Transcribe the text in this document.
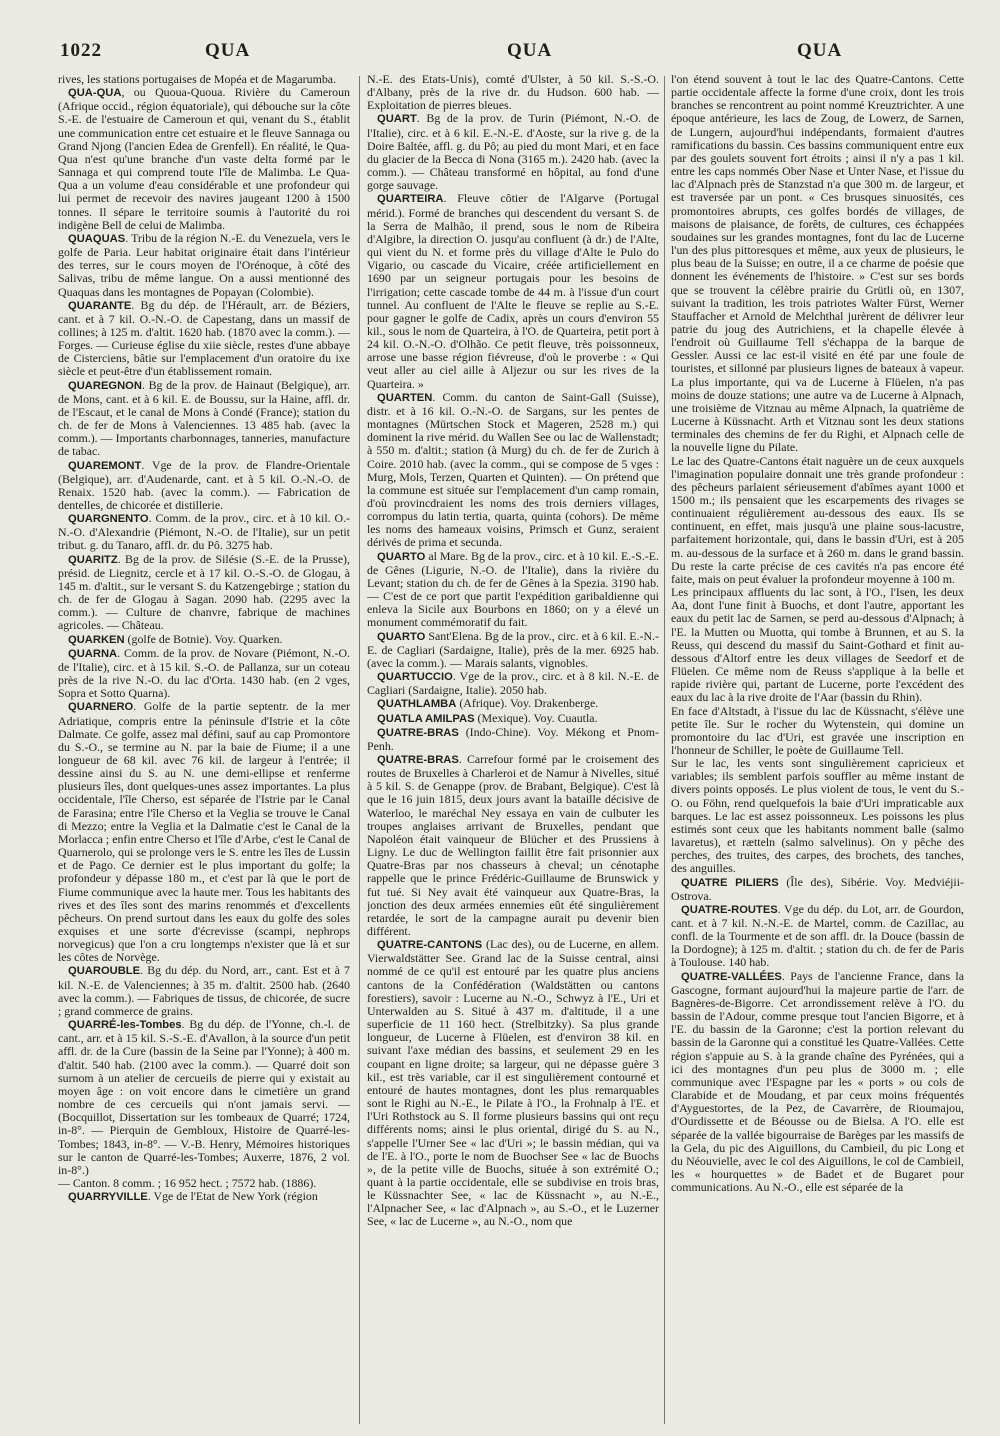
1022	QUA	QUA	QUA

rives, les stations portugaises de Mopéa et de Magarumba.

QUA-QUA, ou Quoua-Quoua. Rivière du Cameroun (Afrique occid., région équatoriale), qui débouche sur la côte S.-E. de l'estuaire de Cameroun et qui, venant du S., établit une communication entre cet estuaire et le fleuve Sannaga ou Grand Njong (l'ancien Edea de Grenfell). En réalité, le Qua-Qua n'est qu'une branche d'un vaste delta formé par le Sannaga et qui comprend toute l'île de Malimba. Le Qua-Qua a un volume d'eau considérable et une profondeur qui lui permet de recevoir des navires jaugeant 1200 à 1500 tonnes. Il sépare le territoire soumis à l'autorité du roi indigène Bell de celui de Malimba.

QUAQUAS. Tribu de la région N.-E. du Venezuela, vers le golfe de Paria. Leur habitat originaire était dans l'intérieur des terres, sur le cours moyen de l'Orénoque, à côté des Salivas, tribu de même langue. On a aussi mentionné des Quaquas dans les montagnes de Popayan (Colombie).

QUARANTE. Bg du dép. de l'Hérault, arr. de Béziers, cant. et à 7 kil. O.-N.-O. de Capestang, dans un massif de collines; à 125 m. d'altit. 1620 hab. (1870 avec la comm.). — Forges. — Curieuse église du xiie siècle, restes d'une abbaye de Cisterciens, bâtie sur l'emplacement d'un oratoire du ixe siècle et peut-être d'un établissement romain.

QUAREGNON. Bg de la prov. de Hainaut (Belgique), arr. de Mons, cant. et à 6 kil. E. de Boussu, sur la Haine, affl. dr. de l'Escaut, et le canal de Mons à Condé (France); station du ch. de fer de Mons à Valenciennes. 13 485 hab. (avec la comm.). — Importants charbonnages, tanneries, manufacture de tabac.

QUAREMONT. Vge de la prov. de Flandre-Orientale (Belgique), arr. d'Audenarde, cant. et à 5 kil. O.-N.-O. de Renaix. 1520 hab. (avec la comm.). — Fabrication de dentelles, de chicorée et distillerie.

QUARGNENTO. Comm. de la prov., circ. et à 10 kil. O.-N.-O. d'Alexandrie (Piémont, N.-O. de l'Italie), sur un petit tribut. g. du Tanaro, affl. dr. du Pô. 3275 hab.

QUARITZ. Bg de la prov. de Silésie (S.-E. de la Prusse), présid. de Liegnitz, cercle et à 17 kil. O.-S.-O. de Glogau, à 145 m. d'altit., sur le versant S. du Katzengebirge ; station du ch. de fer de Glogau à Sagan. 2090 hab. (2295 avec la comm.). — Culture de chanvre, fabrique de machines agricoles. — Château.

QUARKEN (golfe de Botnie). Voy. Quarken.

QUARNA. Comm. de la prov. de Novare (Piémont, N.-O. de l'Italie), circ. et à 15 kil. S.-O. de Pallanza, sur un coteau près de la rive N.-O. du lac d'Orta. 1430 hab. (en 2 vges, Sopra et Sotto Quarna).

QUARNERO. Golfe de la partie septentr. de la mer Adriatique, compris entre la péninsule d'Istrie et la côte Dalmate. Ce golfe, assez mal défini, sauf au cap Promontore du S.-O., se termine au N. par la baie de Fiume; il a une longueur de 68 kil. avec 76 kil. de largeur à l'entrée; il dessine ainsi du S. au N. une demi-ellipse et renferme plusieurs îles, dont quelques-unes assez importantes. La plus occidentale, l'île Cherso, est séparée de l'Istrie par le Canal de Farasina; entre l'île Cherso et la Veglia se trouve le Canal di Mezzo; entre la Veglia et la Dalmatie c'est le Canal de la Morlacca ; enfin entre Cherso et l'île d'Arbe, c'est le Canal de Quarnerolo, qui se prolonge vers le S. entre les îles de Lussin et de Pago. Ce dernier est le plus important du golfe; la profondeur y dépasse 180 m., et c'est par là que le port de Fiume communique avec la haute mer. Tous les habitants des rives et des îles sont des marins renommés et d'excellents pêcheurs. On prend surtout dans les eaux du golfe des soles exquises et une sorte d'écrevisse (scampi, nephrops norvegicus) que l'on a cru longtemps n'exister que là et sur les côtes de Norvège.

QUAROUBLE. Bg du dép. du Nord, arr., cant. Est et à 7 kil. N.-E. de Valenciennes; à 35 m. d'altit. 2500 hab. (2640 avec la comm.). — Fabriques de tissus, de chicorée, de sucre ; grand commerce de grains.

QUARRÉ-les-Tombes. Bg du dép. de l'Yonne, ch.-l. de cant., arr. et à 15 kil. S.-S.-E. d'Avallon, à la source d'un petit affl. dr. de la Cure (bassin de la Seine par l'Yonne); à 400 m. d'altit. 540 hab. (2100 avec la comm.). — Quarré doit son surnom à un atelier de cercueils de pierre qui y existait au moyen âge : on voit encore dans le cimetière un grand nombre de ces cercueils qui n'ont jamais servi. — (Bocquillot, Dissertation sur les tombeaux de Quarré; 1724, in-8°. — Pierquin de Gembloux, Histoire de Quarré-les-Tombes; 1843, in-8°. — V.-B. Henry, Mémoires historiques sur le canton de Quarré-les-Tombes; Auxerre, 1876, 2 vol. in-8°.)

— Canton. 8 comm. ; 16 952 hect. ; 7572 hab. (1886).

QUARRYVILLE. Vge de l'Etat de New York (région

N.-E. des Etats-Unis), comté d'Ulster, à 50 kil. S.-S.-O. d'Albany, près de la rive dr. du Hudson. 600 hab. — Exploitation de pierres bleues.

QUART. Bg de la prov. de Turin (Piémont, N.-O. de l'Italie), circ. et à 6 kil. E.-N.-E. d'Aoste, sur la rive g. de la Doire Baltée, affl. g. du Pô; au pied du mont Mari, et en face du glacier de la Becca di Nona (3165 m.). 2420 hab. (avec la comm.). — Château transformé en hôpital, au fond d'une gorge sauvage.

QUARTEIRA. Fleuve côtier de l'Algarve (Portugal mérid.). Formé de branches qui descendent du versant S. de la Serra de Malhão, il prend, sous le nom de Ribeira d'Algibre, la direction O. jusqu'au confluent (à dr.) de l'Alte, qui vient du N. et forme près du village d'Alte le Pulo do Vigario, ou cascade du Vicaire, créée artificiellement en 1690 par un seigneur portugais pour les besoins de l'irrigation; cette cascade tombe de 44 m. à l'issue d'un court tunnel. Au confluent de l'Alte le fleuve se replie au S.-E. pour gagner le golfe de Cadix, après un cours d'environ 55 kil., sous le nom de Quarteira, à l'O. de Quarteira, petit port à 24 kil. O.-N.-O. d'Olhão. Ce petit fleuve, très poissonneux, arrose une basse région fiévreuse, d'où le proverbe : « Qui veut aller au ciel aille à Aljezur ou sur les rives de la Quarteira. »

QUARTEN. Comm. du canton de Saint-Gall (Suisse), distr. et à 16 kil. O.-N.-O. de Sargans, sur les pentes de montagnes (Mürtschen Stock et Mageren, 2528 m.) qui dominent la rive mérid. du Wallen See ou lac de Wallenstadt; à 550 m. d'altit.; station (à Murg) du ch. de fer de Zurich à Coire. 2010 hab. (avec la comm., qui se compose de 5 vges : Murg, Mols, Terzen, Quarten et Quinten). — On prétend que la commune est située sur l'emplacement d'un camp romain, d'où provincdraient les noms des trois derniers villages, corrompus du latin tertia, quarta, quinta (cohors). De même les noms des hameaux voisins, Primsch et Gunz, seraient dérivés de prima et secunda.

QUARTO al Mare. Bg de la prov., circ. et à 10 kil. E.-S.-E. de Gênes (Ligurie, N.-O. de l'Italie), dans la rivière du Levant; station du ch. de fer de Gênes à la Spezia. 3190 hab. — C'est de ce port que partit l'expédition garibaldienne qui enleva la Sicile aux Bourbons en 1860; on y a élevé un monument commémoratif du fait.

QUARTO Sant'Elena. Bg de la prov., circ. et à 6 kil. E.-N.-E. de Cagliari (Sardaigne, Italie), près de la mer. 6925 hab. (avec la comm.). — Marais salants, vignobles.

QUARTUCCIO. Vge de la prov., circ. et à 8 kil. N.-E. de Cagliari (Sardaigne, Italie). 2050 hab.

QUATHLAMBA (Afrique). Voy. Drakenberge.

QUATLA AMILPAS (Mexique). Voy. Cuautla.

QUATRE-BRAS (Indo-Chine). Voy. Mékong et Pnom-Penh.

QUATRE-BRAS. Carrefour formé par le croisement des routes de Bruxelles à Charleroi et de Namur à Nivelles, situé à 5 kil. S. de Genappe (prov. de Brabant, Belgique). C'est là que le 16 juin 1815, deux jours avant la bataille décisive de Waterloo, le maréchal Ney essaya en vain de culbuter les troupes anglaises arrivant de Bruxelles, pendant que Napoléon était vainqueur de Blücher et des Prussiens à Ligny. Le duc de Wellington faillit être fait prisonnier aux Quatre-Bras par nos chasseurs à cheval; un cénotaphe rappelle que le prince Frédéric-Guillaume de Brunswick y fut tué. Si Ney avait été vainqueur aux Quatre-Bras, la jonction des deux armées ennemies eût été singulièrement retardée, le sort de la campagne aurait pu devenir bien différent.

QUATRE-CANTONS (Lac des), ou de Lucerne, en allem. Vierwaldstätter See. Grand lac de la Suisse central, ainsi nommé de ce qu'il est entouré par les quatre plus anciens cantons de la Confédération (Waldstätten ou cantons forestiers), savoir : Lucerne au N.-O., Schwyz à l'E., Uri et Unterwalden au S. Situé à 437 m. d'altitude, il a une superficie de 11 160 hect. (Strelbitzky). Sa plus grande longueur, de Lucerne à Flüelen, est d'environ 38 kil. en suivant l'axe médian des bassins, et seulement 29 en les coupant en ligne droite; sa largeur, qui ne dépasse guère 3 kil., est très variable, car il est singulièrement contourné et entouré de hautes montagnes, dont les plus remarquables sont le Righi au N.-E., le Pilate à l'O., la Frohnalp à l'E. et l'Uri Rothstock au S. Il forme plusieurs bassins qui ont reçu différents noms; ainsi le plus oriental, dirigé du S. au N., s'appelle l'Urner See « lac d'Uri »; le bassin médian, qui va de l'E. à l'O., porte le nom de Buochser See « lac de Buochs », de la petite ville de Buochs, située à son extrémité O.; quant à la partie occidentale, elle se subdivise en trois bras, le Küssnachter See, « lac de Küssnacht », au N.-E., l'Alpnacher See, « lac d'Alpnach », au S.-O., et le Luzerner See, « lac de Lucerne », au N.-O., nom que

l'on étend souvent à tout le lac des Quatre-Cantons. Cette partie occidentale affecte la forme d'une croix, dont les trois branches se rencontrent au point nommé Kreuztrichter. A une époque antérieure, les lacs de Zoug, de Lowerz, de Sarnen, de Lungern, aujourd'hui indépendants, formaient d'autres ramifications du bassin. Ces bassins communiquent entre eux par des goulets souvent fort étroits ; ainsi il n'y a pas 1 kil. entre les caps nommés Ober Nase et Unter Nase, et l'issue du lac d'Alpnach près de Stanzstad n'a que 300 m. de largeur, et est traversée par un pont. « Ces brusques sinuosités, ces promontoires abrupts, ces golfes bordés de villages, de maisons de plaisance, de forêts, de cultures, ces échappées soudaines sur les grandes montagnes, font du lac de Lucerne l'un des plus pittoresques et même, aux yeux de plusieurs, le plus beau de la Suisse; en outre, il a ce charme de poésie que donnent les événements de l'histoire. » C'est sur ses bords que se trouvent la célèbre prairie du Grütli où, en 1307, suivant la tradition, les trois patriotes Walter Fürst, Werner Stauffacher et Arnold de Melchthal jurèrent de délivrer leur patrie du joug des Autrichiens, et la chapelle élevée à l'endroit où Guillaume Tell s'échappa de la barque de Gessler. Aussi ce lac est-il visité en été par une foule de touristes, et sillonné par plusieurs lignes de bateaux à vapeur. La plus importante, qui va de Lucerne à Flüelen, n'a pas moins de douze stations; une autre va de Lucerne à Alpnach, une troisième de Vitznau au même Alpnach, la quatrième de Lucerne à Küssnacht. Arth et Vitznau sont les deux stations terminales des chemins de fer du Righi, et Alpnach celle de la nouvelle ligne du Pilate.

Le lac des Quatre-Cantons était naguère un de ceux auxquels l'imagination populaire donnait une très grande profondeur : des pêcheurs parlaient sérieusement d'abîmes ayant 1000 et 1500 m.; ils pensaient que les escarpements des rivages se continuaient régulièrement au-dessous des eaux. Ils se continuent, en effet, mais jusqu'à une plaine sous-lacustre, parfaitement horizontale, qui, dans le bassin d'Uri, est à 205 m. au-dessous de la surface et à 260 m. dans le grand bassin. Du reste la carte précise de ces cavités n'a pas encore été faite, mais on peut évaluer la profondeur moyenne à 100 m.

Les principaux affluents du lac sont, à l'O., l'Isen, les deux Aa, dont l'une finit à Buochs, et dont l'autre, apportant les eaux du petit lac de Sarnen, se perd au-dessous d'Alpnach; à l'E. la Mutten ou Muotta, qui tombe à Brunnen, et au S. la Reuss, qui descend du massif du Saint-Gothard et finit au-dessous d'Altorf entre les deux villages de Seedorf et de Flüelen. Ce même nom de Reuss s'applique à la belle et rapide rivière qui, partant de Lucerne, porte l'excédent des eaux du lac à la rive droite de l'Aar (bassin du Rhin).

En face d'Altstadt, à l'issue du lac de Küssnacht, s'élève une petite île. Sur le rocher du Wytenstein, qui domine un promontoire du lac d'Uri, est gravée une inscription en l'honneur de Schiller, le poète de Guillaume Tell.

Sur le lac, les vents sont singulièrement capricieux et variables; ils semblent parfois souffler au même instant de divers points opposés. Le plus violent de tous, le vent du S.-O. ou Föhn, rend quelquefois la baie d'Uri impraticable aux barques. Le lac est assez poissonneux. Les poissons les plus estimés sont ceux que les habitants nomment balle (salmo lavaretus), et rætteln (salmo salvelinus). On y pêche des perches, des truites, des carpes, des brochets, des tanches, des anguilles.

QUATRE PILIERS (Île des), Sibérie. Voy. Medviéjii-Ostrova.

QUATRE-ROUTES. Vge du dép. du Lot, arr. de Gourdon, cant. et à 7 kil. N.-N.-E. de Martel, comm. de Cazillac, au confl. de la Tourmente et de son affl. dr. la Douce (bassin de la Dordogne); à 125 m. d'altit. ; station du ch. de fer de Paris à Toulouse. 140 hab.

QUATRE-VALLÉES. Pays de l'ancienne France, dans la Gascogne, formant aujourd'hui la majeure partie de l'arr. de Bagnères-de-Bigorre. Cet arrondissement relève à l'O. du bassin de l'Adour, comme presque tout l'ancien Bigorre, et à l'E. du bassin de la Garonne; c'est la portion relevant du bassin de la Garonne qui a constitué les Quatre-Vallées. Cette région s'appuie au S. à la grande chaîne des Pyrénées, qui a ici des montagnes d'un peu plus de 3000 m. ; elle communique avec l'Espagne par les « ports » ou cols de Clarabide et de Moudang, et par ceux moins fréquentés d'Ayguestortes, de la Pez, de Cavarrère, de Rioumajou, d'Ourdissette et de Béousse ou de Bielsa. A l'O. elle est séparée de la vallée bigourraise de Barèges par les massifs de la Gela, du pic des Aiguillons, du Cambieil, du pic Long et du Néouvielle, avec le col des Aiguillons, le col de Cambieil, les « hourquettes » de Badet et de Bugaret pour communications. Au N.-O., elle est séparée de la
